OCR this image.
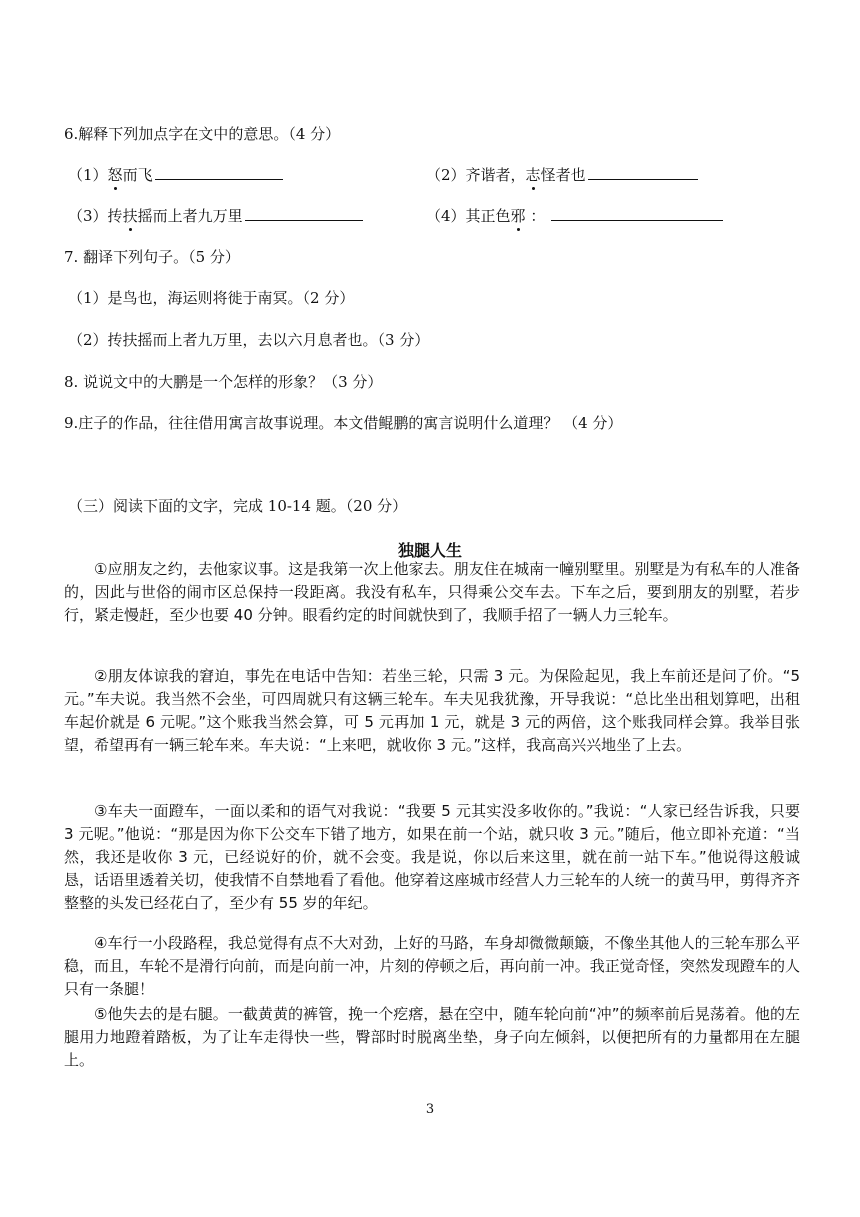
6.解释下列加点字在文中的意思。（4 分）
（1）怒而飞	（2）齐谐者，志怪者也
（3）抟扶摇而上者九万里	（4）其正色邪 ：
7. 翻译下列句子。（5 分）
（1）是鸟也，海运则将徙于南冥。（2 分）
（2）抟扶摇而上者九万里，去以六月息者也。（3 分）
8. 说说文中的大鹏是一个怎样的形象？（3 分）
9.庄子的作品，往往借用寓言故事说理。本文借鲲鹏的寓言说明什么道理？ （4 分）
（三）阅读下面的文字，完成 10-14 题。（20 分）
独腿人生
①应朋友之约，去他家议事。这是我第一次上他家去。朋友住在城南一幢别墅里。别墅是为有私车的人准备的，因此与世俗的闹市区总保持一段距离。我没有私车，只得乘公交车去。下车之后，要到朋友的别墅，若步行，紧走慢赶，至少也要 40 分钟。眼看约定的时间就快到了，我顺手招了一辆人力三轮车。
②朋友体谅我的窘迫，事先在电话中告知：若坐三轮，只需 3 元。为保险起见，我上车前还是问了价。“5 元。”车夫说。我当然不会坐，可四周就只有这辆三轮车。车夫见我犹豫，开导我说：“总比坐出租划算吧，出租车起价就是 6 元呢。”这个账我当然会算，可 5 元再加 1 元，就是 3 元的两倍，这个账我同样会算。我举目张望，希望再有一辆三轮车来。车夫说：“上来吧，就收你 3 元。”这样，我高高兴兴地坐了上去。
③车夫一面蹬车，一面以柔和的语气对我说：“我要 5 元其实没多收你的。”我说：“人家已经告诉我，只要 3 元呢。”他说：“那是因为你下公交车下错了地方，如果在前一个站，就只收 3 元。”随后，他立即补充道：“当然，我还是收你 3 元，已经说好的价，就不会变。我是说，你以后来这里，就在前一站下车。”他说得这般诚恳，话语里透着关切，使我情不自禁地看了看他。他穿着这座城市经营人力三轮车的人统一的黄马甲，剪得齐齐整整的头发已经花白了，至少有 55 岁的年纪。
④车行一小段路程，我总觉得有点不大对劲，上好的马路，车身却微微颠簸，不像坐其他人的三轮车那么平稳，而且，车轮不是滑行向前，而是向前一冲，片刻的停顿之后，再向前一冲。我正觉奇怪，突然发现蹬车的人只有一条腿！
⑤他失去的是右腿。一截黄黄的裤管，挽一个疙瘩，悬在空中，随车轮向前“冲”的频率前后晃荡着。他的左腿用力地蹬着踏板，为了让车走得快一些，臀部时时脱离坐垫，身子向左倾斜，以便把所有的力量都用在左腿上。
3
